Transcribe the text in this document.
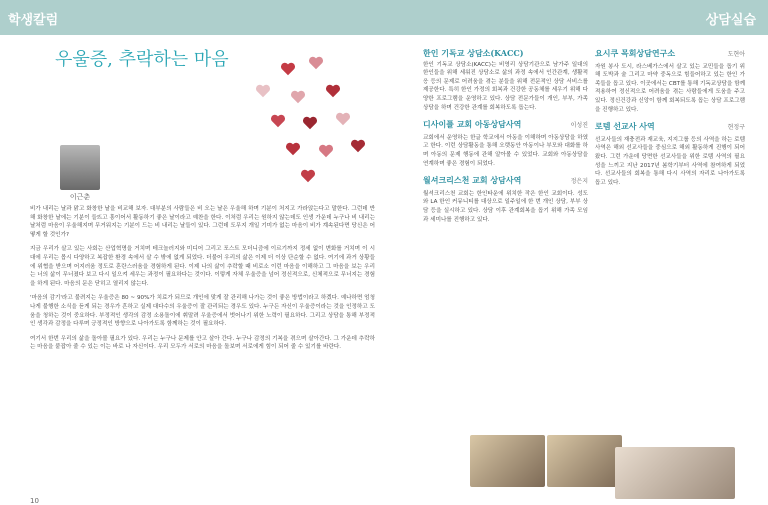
학생칼럼	상담실습
우울증, 추락하는 마음
이근춘

비가 내리는 날과 맑고 화창한 날을 비교해 보자. 대부분의 사람들은 비 오는 날은 우울해 하며 기분이 처지고 가라앉는다고 말한다. 그런데 반해 화창한 날에는 기분이 들뜨고 흥이어서 활동하기 좋은 날이라고 예찬을 한다. 이처럼 우리는 원하지 않는데도 인생 가운데 누구나 비 내리는 날처럼 마음이 우울해지며 무거워지는 기분이 드는 비 내리는 날들이 있다. 그런데 도무지 개일 기미가 없는 마음이 비가 계속된다면 당신은 어떻게 할 것인가?

지금 우리가 살고 있는 사회는 산업혁명을 거치며 테크놀러지와 미디어 그리고 포스트 모더니즘에 이르기까지 정세 없이 변화를 거치며 이 시대에 우리는 몹시 다양하고 복잡한 환경 속에서 살 수 밖에 없게 되었다. 더불어 우리의 삶은 이제 더 이상 단순할 수 없다. 여기에 과거 상황들에 위협을 받으며 어지러움 정도로 혼란스러움을 경험하게 된다. 이제 나의 삶이 추락할 때 비로소 이런 마음을 이해하고 그 마음을 보는 우리는 너의 삶이 무너졌다 보고 다시 일으켜 세우는 과정이 필요하다는 것이다. 이렇게 자체 우울증을 넘어 정신적으로, 신체적으로 무너지는 경험을 하게 된다. 마음의 문은 닫히고 열리지 않는다.

'마음의 감기'라고 불려지는 우울증은 80 ~ 90%가 치료가 되므로 개인에 맞게 잘 관리해 나가는 것이 좋은 방법이라고 하겠다. 예나하면 엄청나게 불행한 소식을 듣게 되는 경우가 흔하고 실제 대다수의 우울증이 잘 관리되는 경우도 있다. 누구든 자신이 우울증이라는 것을 인정하고 도움을 청하는 것이 중요하다. 부정적인 생각의 감정 소용돌이에 휘말려 우울증에서 벗어나기 위한 노력이 필요하다. 그리고 상담을 통해 부정적인 생각과 감정을 다루며 긍정적인 방향으로 나아가도록 함께하는 것이 필요하다.

여기서 한번 우리의 삶을 돌아볼 필요가 있다. 우리는 누구나 문제를 안고 살아 간다. 누구나 감정의 기복을 겪으며 살아간다. 그 가운데 추락하는 마음을 붙잡아 줄 수 있는 이는 바로 나 자신이다. 우리 모두가 서로의 마음을 돌보며 서로에게 힘이 되어 줄 수 있기를 바란다.

한인 기독교 상담소(KACC)

한인 기독교 상담소(KACC)는 비영리 상담기관으로 남가주 일대의 한인들을 위해 세워진 상담소로 삶의 과정 속에서 인간관계, 생활적응 등의 문제로 어려움을 겪는 분들을 위해 전문적인 상담 서비스를 제공한다. 특히 한인 가정의 회복과 건강한 공동체를 세우기 위해 다양한 프로그램을 운영하고 있다. 상담 전문가들이 개인, 부부, 가족 상담을 하며 건강한 관계를 회복하도록 돕는다.

디사이플 교회 아동상담사역	이성진

교회에서 운영하는 한글 학교에서 아동을 이해하며 아동상담을 하였고 한다. 이런 상담활동을 통해 오랫동안 아동이나 부모와 대화를 하며 아동의 문제 행동에 관해 알아볼 수 있었다. 교회와 아동상담을 연계하며 좋은 경험이 되었다.

월셔크리스천 교회 상담사역	정은지

월셔크리스천 교회는 한인타운에 위치한 작은 한인 교회이다. 성도와 LA 한인 커뮤니티를 대상으로 일주일에 한 번 개인 상담, 부부 상담 등을 실시하고 있다. 상담 이후 관계회복을 돕기 위해 가족 모임과 세미나를 진행하고 있다.

요시쿠 목회상담연구소	도현아

자원 봉사 도시, 라스베가스에서 살고 있는 교민들을 돕기 위해 도박과 술 그리고 마약 중독으로 힘들어하고 있는 한인 가족들을 돕고 있다. 이곳에서는 CBT를 통해 기독교상담을 함께 적용하여 정신적으로 어려움을 겪는 사람들에게 도움을 주고 있다. 정신건강과 신앙이 함께 회복되도록 돕는 상담 프로그램을 진행하고 있다.

로템 선교사 사역	현정구

선교사들의 재충전과 재교육, 지지그룹 등의 사역을 하는 로템 사역은 해외 선교사들을 중심으로 해외 활동하게 진행이 되어 왔다. 그런 가운데 당면한 선교사들을 위한 로템 사역의 필요성을 느끼고 지난 2017년 봄학기부터 사역에 참여하게 되었다. 선교사들의 회복을 통해 다시 사역의 자리로 나아가도록 돕고 있다.

10
